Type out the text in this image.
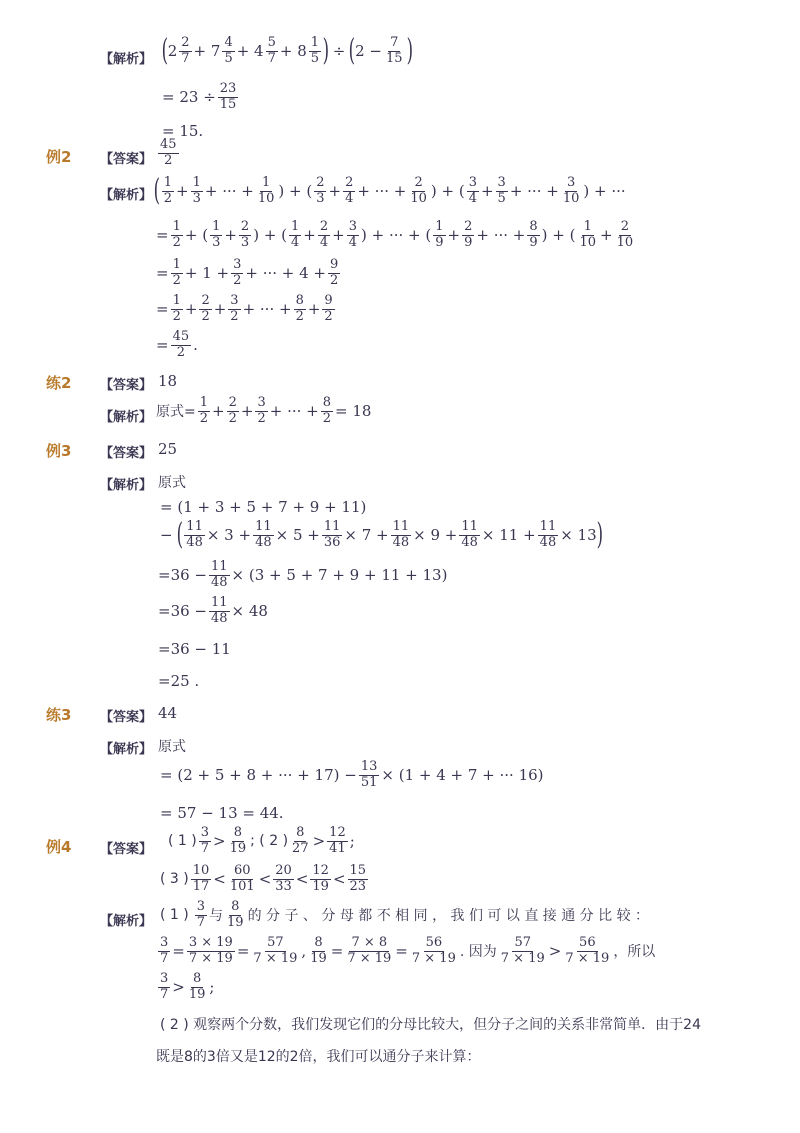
【解析】 ( $2 \frac{2}{7} + 7 \frac{4}{5} + 4 \frac{5}{7} + 8 \frac{1}{5}$ ) ÷ ( $2 - \frac{7}{15}$ )
= $23 \div \frac{23}{15}$
= 15.
例2 【答案】 $\frac{45}{2}$
【解析】 ( $\frac{1}{2} + \frac{1}{3}$ + ··· + $\frac{1}{10}$ ) + ( $\frac{2}{3} + \frac{2}{4}$ + ··· + $\frac{2}{10}$ ) + ( $\frac{3}{4} + \frac{3}{5}$ + ··· + $\frac{3}{10}$ ) + ···
= $\frac{1}{2}$ + ( $\frac{1}{3} + \frac{2}{3}$ ) + ( $\frac{1}{4} + \frac{2}{4} + \frac{3}{4}$ ) + ··· + ( $\frac{1}{9} + \frac{2}{9}$ + ··· + $\frac{8}{9}$ ) + ( $\frac{1}{10} + \frac{2}{10}$
= $\frac{1}{2} + 1 + \frac{3}{2}$ + ··· + $4 + \frac{9}{2}$
= $\frac{1}{2} + \frac{2}{2} + \frac{3}{2}$ + ··· + $\frac{8}{2} + \frac{9}{2}$
= $\frac{45}{2}$ .
练2 【答案】 18
【解析】 原式= $\frac{1}{2} + \frac{2}{2} + \frac{3}{2}$ + ··· + $\frac{8}{2} = 18$
例3 【答案】 25
【解析】 原式
= (1 + 3 + 5 + 7 + 9 + 11)
− ( $\frac{11}{48} \times 3 + \frac{11}{48} \times 5 + \frac{11}{36} \times 7 + \frac{11}{48} \times 9 + \frac{11}{48} \times 11 + \frac{11}{48} \times 13$ )
$=36 - \frac{11}{48} \times (3 + 5 + 7 + 9 + 11 + 13)$
$=36 - \frac{11}{48} \times 48$
=36 − 11
=25 .
练3 【答案】 44
【解析】 原式
= (2 + 5 + 8 + ··· + $17) - \frac{13}{51} \times (1 + 4 + 7$ + ··· 16)
= 57 − 13 = 44.
例4 【答案】
( 1 ) $\frac{3}{7} > \frac{8}{19}$ ; ( 2 ) $\frac{8}{27} > \frac{12}{41}$ ;
( 3 ) $\frac{10}{17} < \frac{60}{101} < \frac{20}{33} < \frac{12}{19} < \frac{15}{23}$
【解析】 ( 1 ) $\frac{3}{7}$ 与 $\frac{8}{19}$ 的 分 子 、 分 母 都 不 相 同 ， 我 们 可 以 直 接 通 分 比 较 ：
$\frac{3}{7} = \frac{3 \times 19}{7 \times 19} = \frac{57}{7 \times 19}$ , $\frac{8}{19} = \frac{7 \times 8}{7 \times 19} = \frac{56}{7 \times 19}$ . 因为 $\frac{57}{7 \times 19} > \frac{56}{7 \times 19}$ ，所以
$\frac{3}{7} > \frac{8}{19}$ ;
( 2 ) 观察两个分数，我们发现它们的分母比较大，但分子之间的关系非常简单．由于24
既是8的3倍又是12的2倍，我们可以通分子来计算：
